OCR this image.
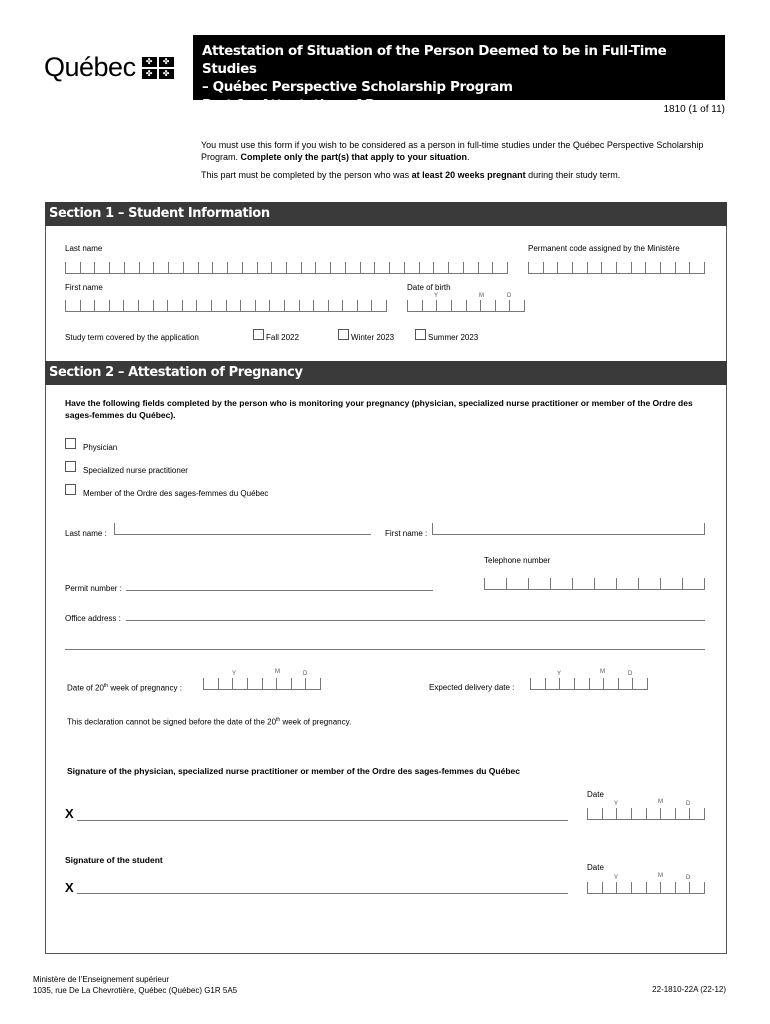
Québec	✤	✤
✤	✤
Attestation of Situation of the Person Deemed to be in Full-Time Studies
– Québec Perspective Scholarship Program
Part 1 – Attestation of Pregnancy	1810 (1 of 11)

You must use this form if you wish to be considered as a person in full-time studies under the Québec Perspective Scholarship Program. Complete only the part(s) that apply to your situation.

This part must be completed by the person who was at least 20 weeks pregnant during their study term.

Section 1 – Student Information
Last name	Permanent code assigned by the Ministère
First name	Date of birth
Y	M	D
Study term covered by the application	Fall 2022	Winter 2023	Summer 2023
Section 2 – Attestation of Pregnancy
Have the following fields completed by the person who is monitoring your pregnancy (physician, specialized nurse practitioner or member of the Ordre des sages-femmes du Québec).
Physician
Specialized nurse practitioner
Member of the Ordre des sages-femmes du Québec
Last name :	First name :
Telephone number
Permit number :
Office address :
Y	M	D
Date of 20th week of pregnancy :
Y	M	D
Expected delivery date :
This declaration cannot be signed before the date of the 20th week of pregnancy.
Signature of the physician, specialized nurse practitioner or member of the Ordre des sages-femmes du Québec
Date
Y	M	D
X
Signature of the student
Date
Y	M	D
X
Ministère de l’Enseignement supérieur
1035, rue De La Chevrotière, Québec (Québec) G1R 5A5	22-1810-22A (22-12)
